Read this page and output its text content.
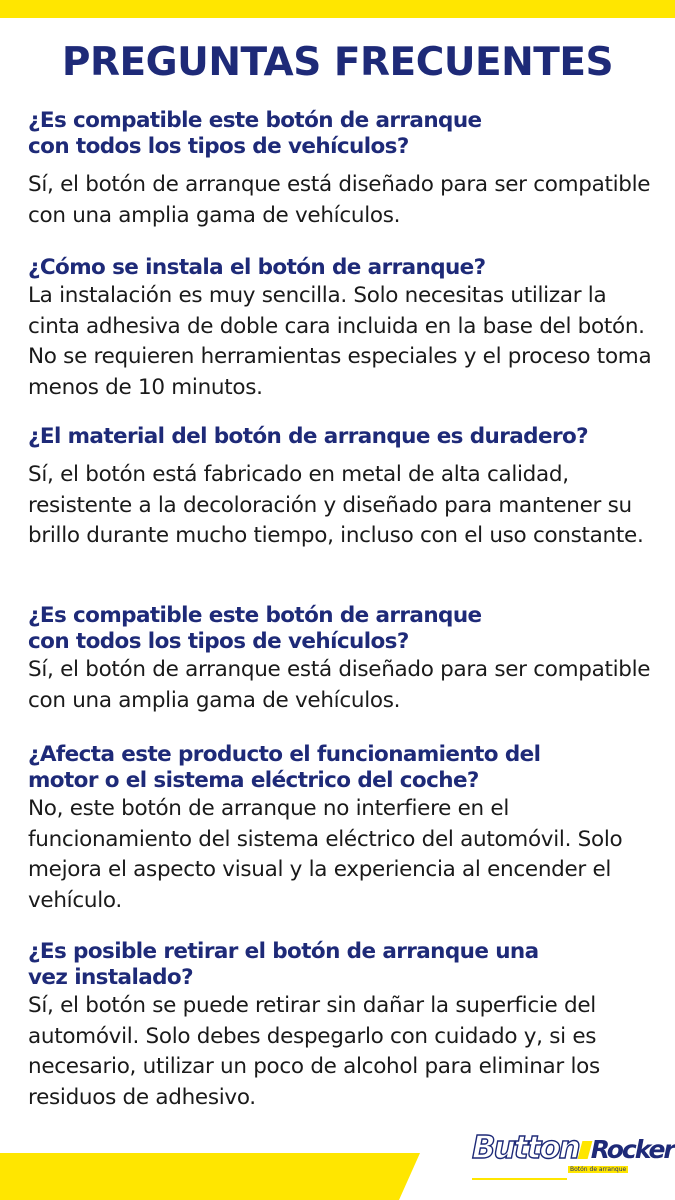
PREGUNTAS FRECUENTES

¿Es compatible este botón de arranque
con todos los tipos de vehículos?

Sí, el botón de arranque está diseñado para ser compatible con una amplia gama de vehículos.

¿Cómo se instala el botón de arranque?

La instalación es muy sencilla. Solo necesitas utilizar la cinta adhesiva de doble cara incluida en la base del botón. No se requieren herramientas especiales y el proceso toma menos de 10 minutos.

¿El material del botón de arranque es duradero?

Sí, el botón está fabricado en metal de alta calidad, resistente a la decoloración y diseñado para mantener su brillo durante mucho tiempo, incluso con el uso constante.

¿Es compatible este botón de arranque
con todos los tipos de vehículos?

Sí, el botón de arranque está diseñado para ser compatible con una amplia gama de vehículos.

¿Afecta este producto el funcionamiento del
motor o el sistema eléctrico del coche?

No, este botón de arranque no interfiere en el funcionamiento del sistema eléctrico del automóvil. Solo mejora el aspecto visual y la experiencia al encender el vehículo.

¿Es posible retirar el botón de arranque una
vez instalado?

Sí, el botón se puede retirar sin dañar la superficie del automóvil. Solo debes despegarlo con cuidado y, si es necesario, utilizar un poco de alcohol para eliminar los residuos de adhesivo.

Button Rocker
Botón de arranque
